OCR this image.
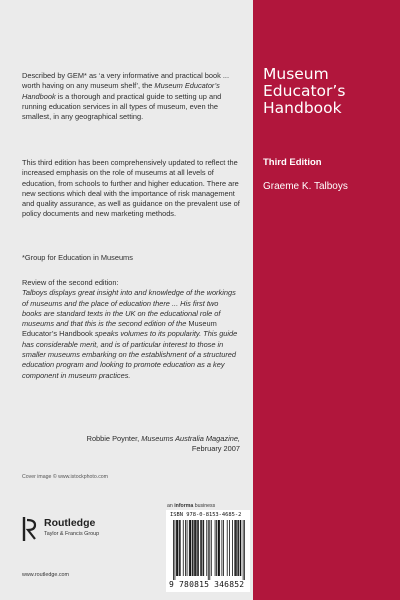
Museum
Educator’s
Handbook
Third Edition
Graeme K. Talboys

Described by GEM* as ‘a very informative and practical book ... worth having on any museum shelf’, the Museum Educator’s Handbook is a thorough and practical guide to setting up and running education services in all types of museum, even the smallest, in any geographical setting.

This third edition has been comprehensively updated to reflect the increased emphasis on the role of museums at all levels of education, from schools to further and higher education. There are new sections which deal with the importance of risk management and quality assurance, as well as guidance on the prevalent use of policy documents and new marketing methods.

*Group for Education in Museums

Review of the second edition:
Talboys displays great insight into and knowledge of the workings of museums and the place of education there ... His first two books are standard texts in the UK on the educational role of museums and that this is the second edition of the Museum Educator’s Handbook speaks volumes to its popularity. This guide has considerable merit, and is of particular interest to those in smaller museums embarking on the establishment of a structured education program and looking to promote education as a key component in museum practices.
Robbie Poynter, Museums Australia Magazine,
February 2007
Cover image © www.istockphoto.com
Routledge
Taylor & Francis Group
www.routledge.com
an informa business
ISBN 978-0-8153-4685-2
9 780815 346852
